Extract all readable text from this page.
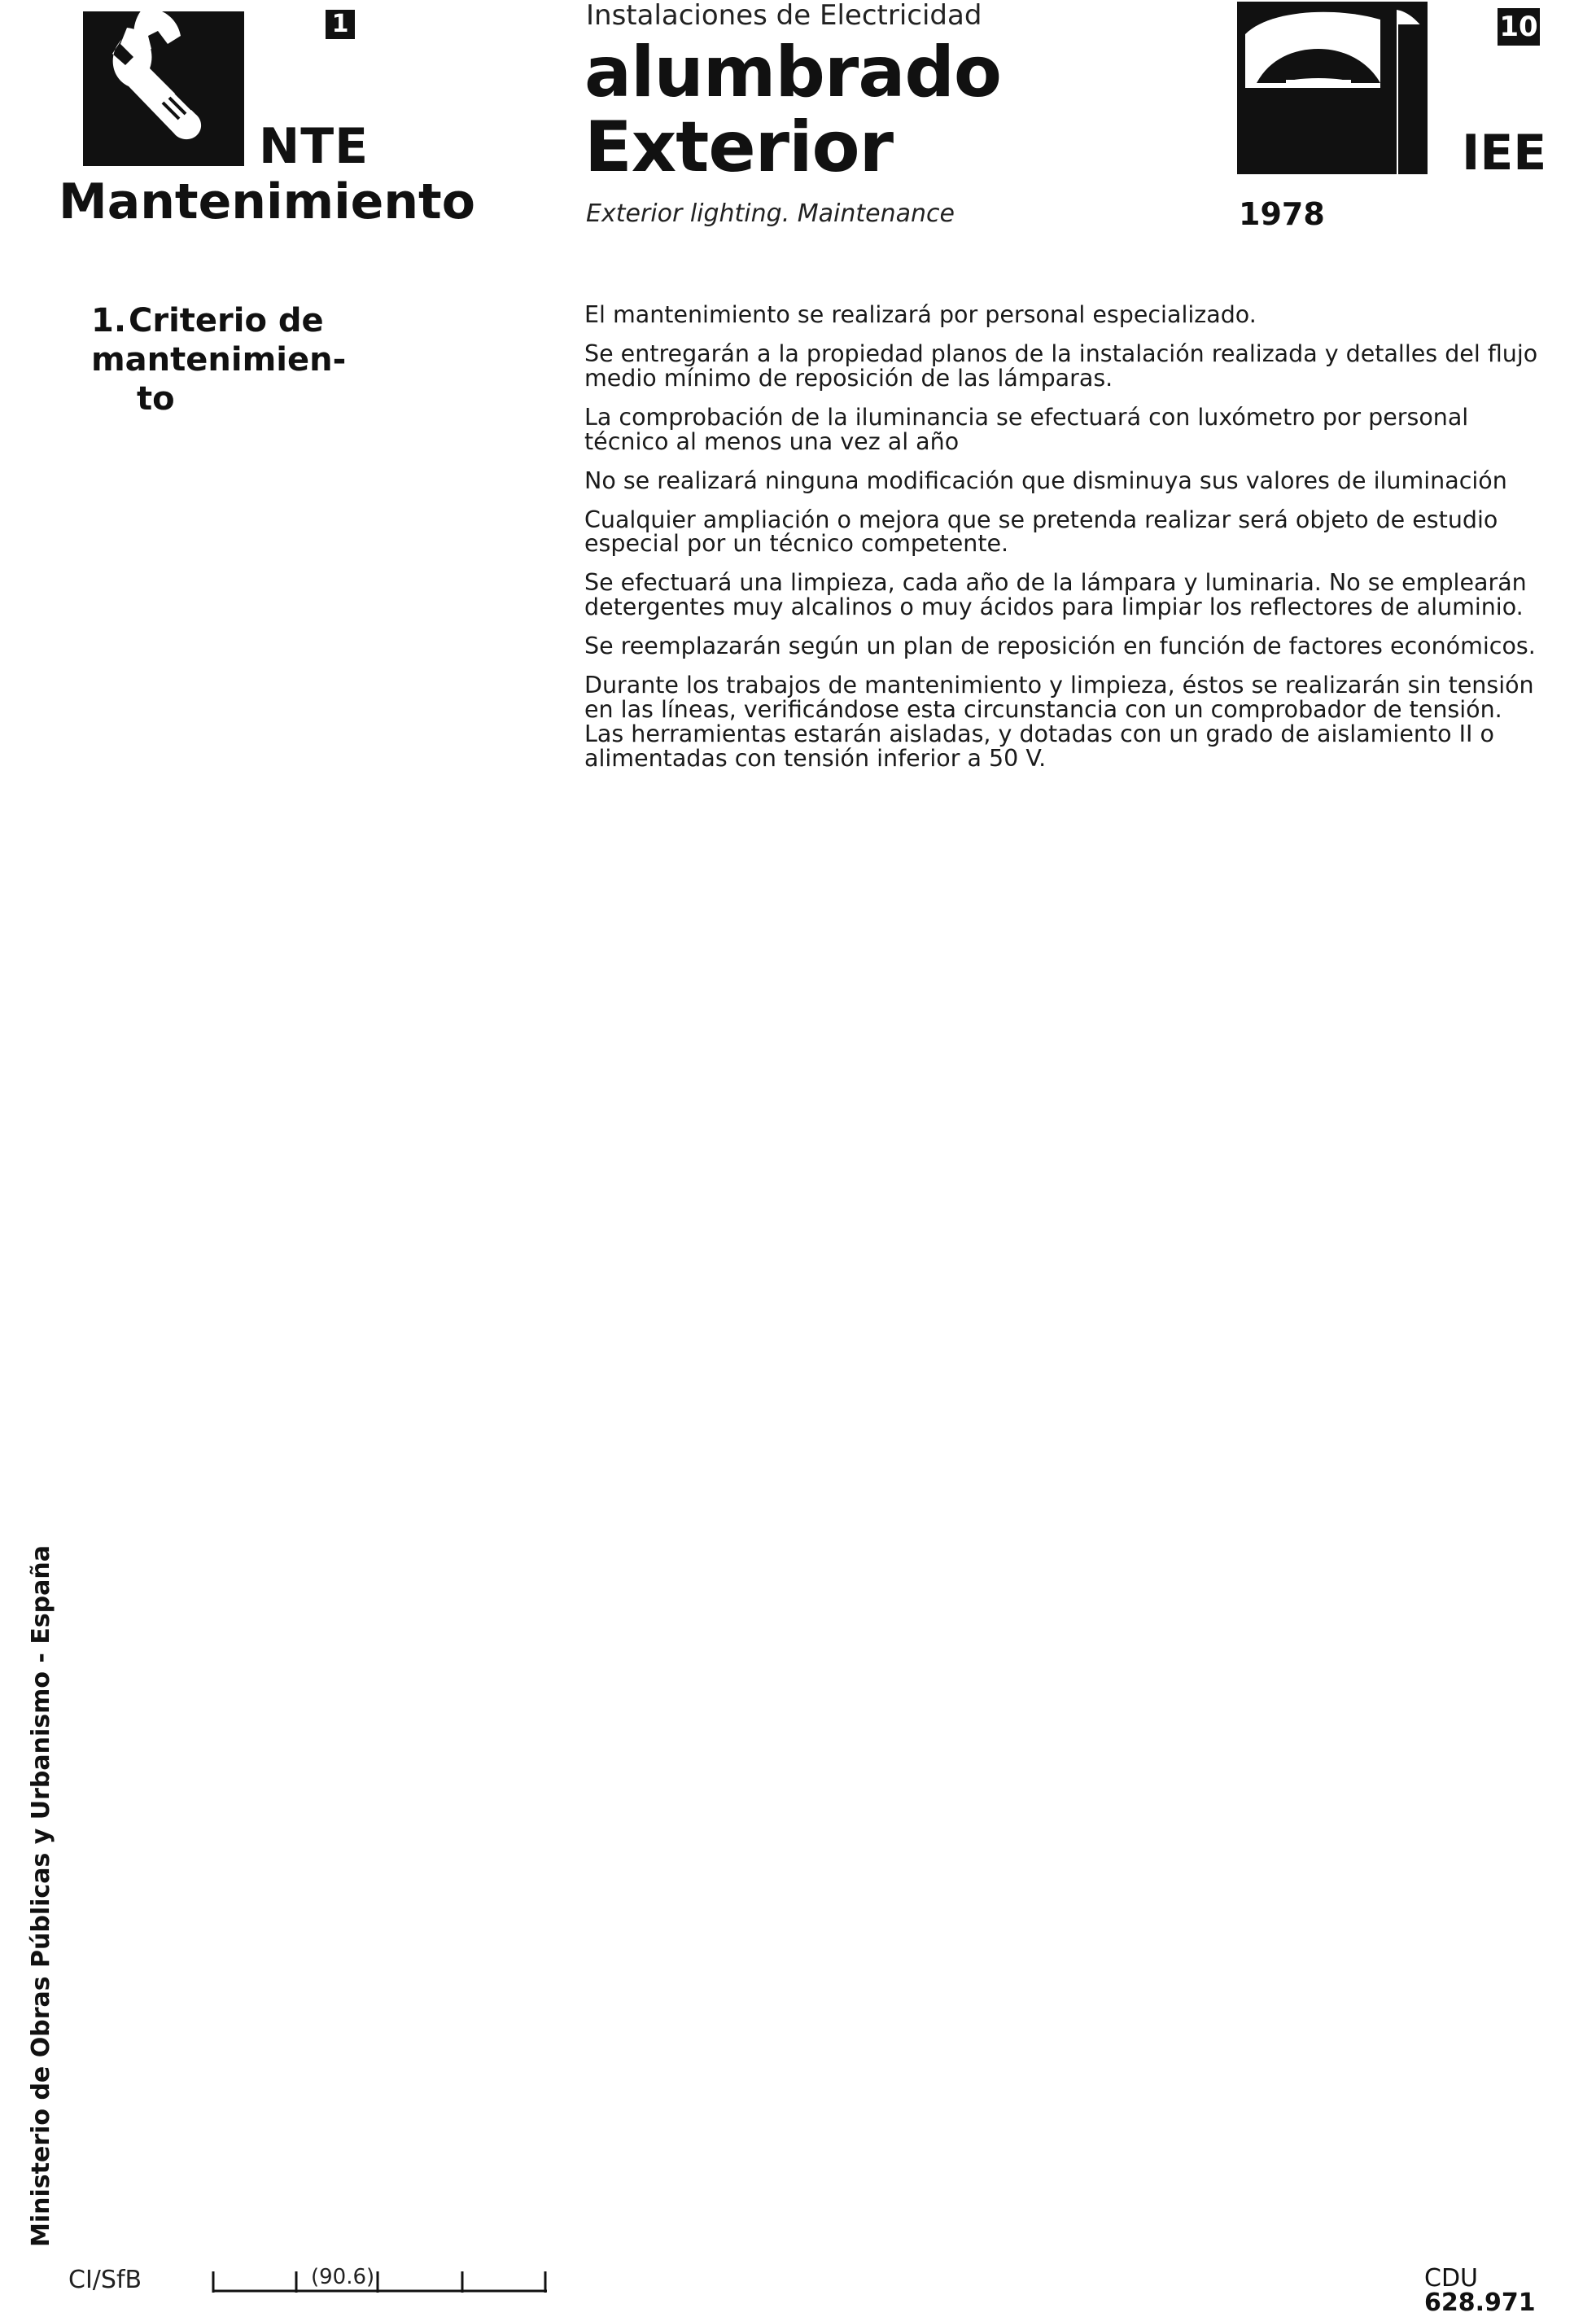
1
NTE
Mantenimiento
Instalaciones de Electricidad
alumbrado
Exterior
Exterior lighting. Maintenance
10
IEE
1978
1.Criterio de mantenimien-
to

El mantenimiento se realizará por personal especializado.

Se entregarán a la propiedad planos de la instalación realizada y detalles del flujo medio mínimo de reposición de las lámparas.

La comprobación de la iluminancia se efectuará con luxómetro por personal técnico al menos una vez al año

No se realizará ninguna modificación que disminuya sus valores de iluminación

Cualquier ampliación o mejora que se pretenda realizar será objeto de estudio especial por un técnico competente.

Se efectuará una limpieza, cada año de la lámpara y luminaria. No se emplearán detergentes muy alcalinos o muy ácidos para limpiar los reflectores de aluminio.

Se reemplazarán según un plan de reposición en función de factores económicos.

Durante los trabajos de mantenimiento y limpieza, éstos se realizarán sin tensión en las líneas, verificándose esta circunstancia con un comprobador de tensión. Las herramientas estarán aisladas, y dotadas con un grado de aislamiento II o alimentadas con tensión inferior a 50 V.

Ministerio de Obras Públicas y Urbanismo - España
CI/SfB	(90.6)	CDU 628.971
